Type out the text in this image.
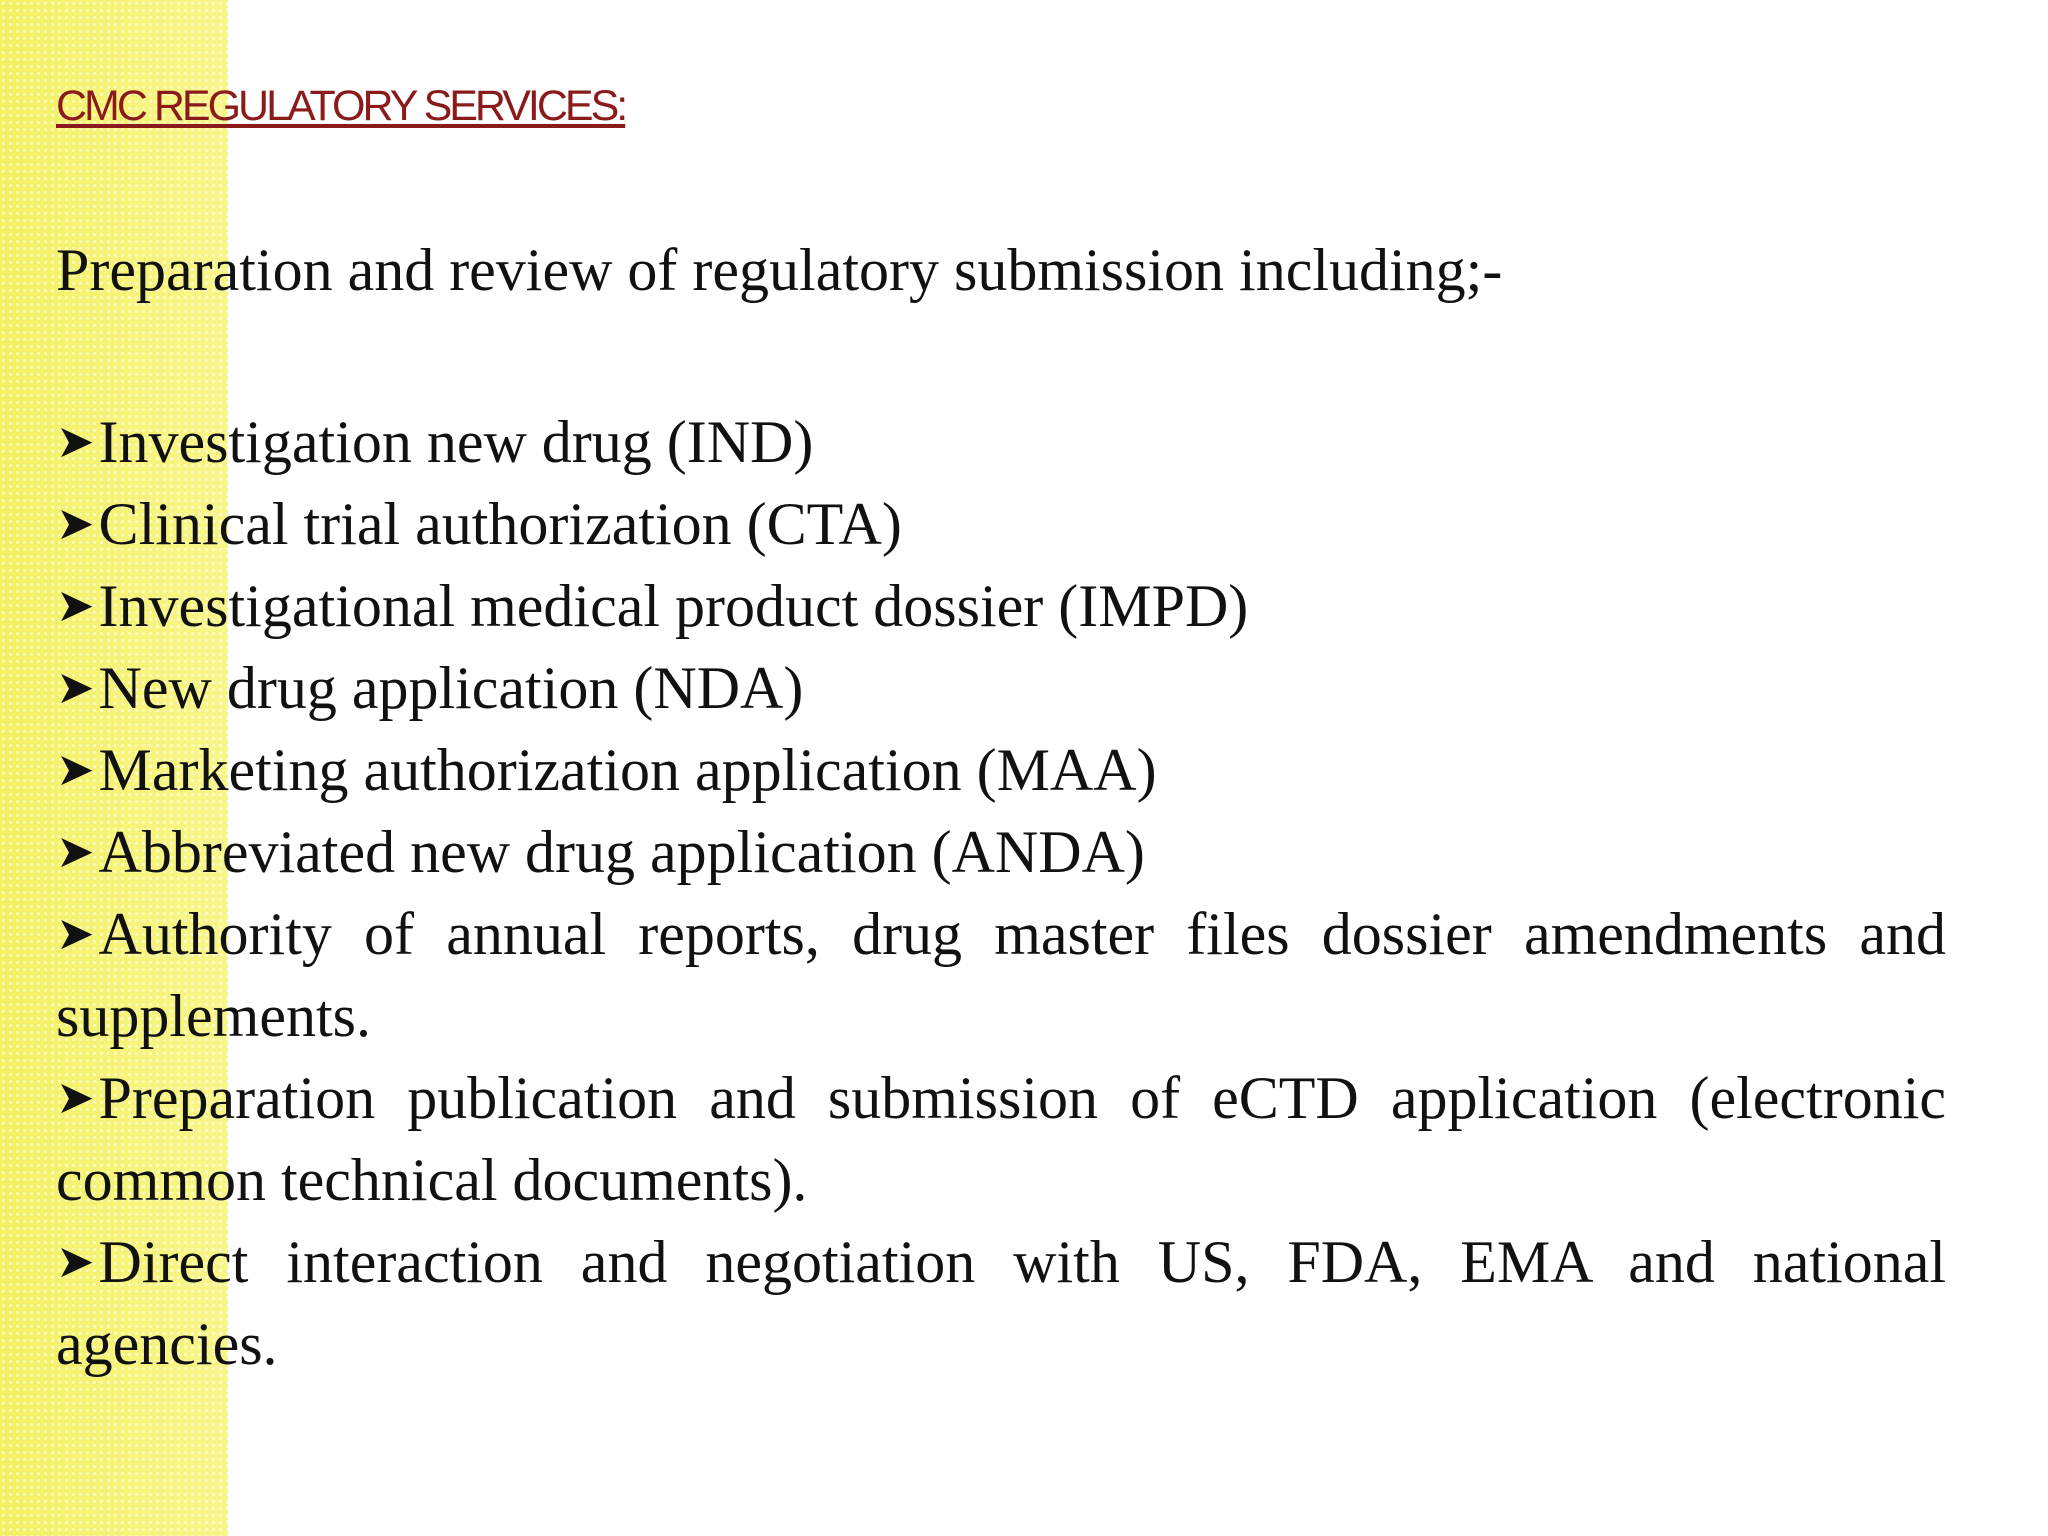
CMC REGULATORY SERVICES:

Preparation and review of regulatory submission including;-

➤Investigation new drug (IND)
➤Clinical trial authorization (CTA)
➤Investigational medical product dossier (IMPD)
➤New drug application (NDA)
➤Marketing authorization application (MAA)
➤Abbreviated new drug application (ANDA)
➤Authority of annual reports, drug master files dossier amendments and supplements.
➤Preparation publication and submission of eCTD application (electronic common technical documents).
➤Direct interaction and negotiation with US, FDA, EMA and national agencies.
